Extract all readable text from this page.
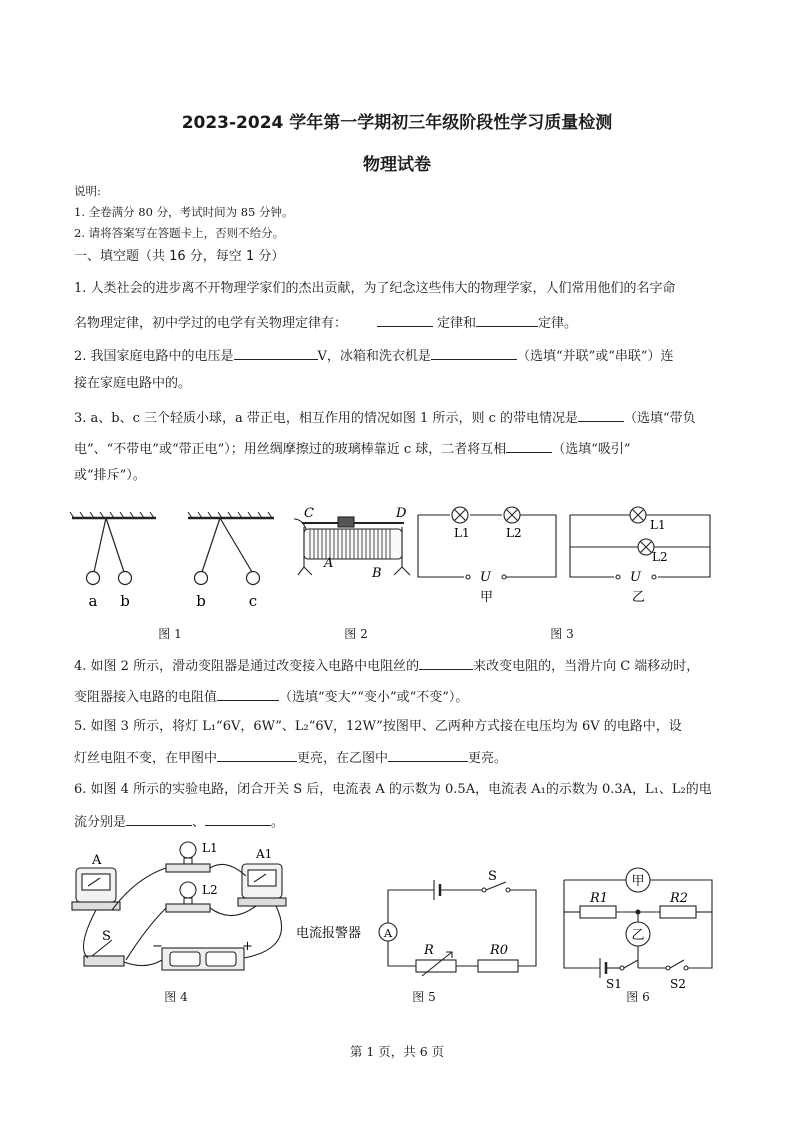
2023-2024 学年第一学期初三年级阶段性学习质量检测
物理试卷
说明:
1. 全卷满分 80 分，考试时间为 85 分钟。
2. 请将答案写在答题卡上，否则不给分。
一、填空题（共 16 分，每空 1 分）
1. 人类社会的进步离不开物理学家们的杰出贡献，为了纪念这些伟大的物理学家，人们常用他们的名字命
名物理定律，初中学过的电学有关物理定律有：	定律和	定律。
2. 我国家庭电路中的电压是	V，冰箱和洗衣机是	（选填“并联”或“串联”）连
接在家庭电路中的。
3. a、b、c 三个轻质小球，a 带正电，相互作用的情况如图 1 所示，则 c 的带电情况是	（选填“带负
电”、“不带电”或“带正电”）；用丝绸摩擦过的玻璃棒靠近 c 球，二者将互相	（选填“吸引”
或“排斥”）。
a b	b	c
图 1
C	D
A
B
图 2
L1	L2
U
甲
L1
L2
U
乙
图 3
4. 如图 2 所示，滑动变阻器是通过改变接入电路中电阻丝的	来改变电阻的，当滑片向 C 端移动时，
变阻器接入电路的电阻值	（选填“变大”“变小”或“不变”）。
5. 如图 3 所示，将灯 L₁“6V，6W”、L₂“6V，12W”按图甲、乙两种方式接在电压均为 6V 的电路中，设
灯丝电阻不变，在甲图中	更亮，在乙图中	更亮。
6. 如图 4 所示的实验电路，闭合开关 S 后，电流表 A 的示数为 0.5A，电流表 A₁的示数为 0.3A，L₁、L₂的电
流分别是	、	。
A
L1	A1
L2
S
−	+
图 4
电流报警器 A
S
R	R0
图 5
甲
乙
R1	R2
S1	S2
图 6
第 1 页，共 6 页
